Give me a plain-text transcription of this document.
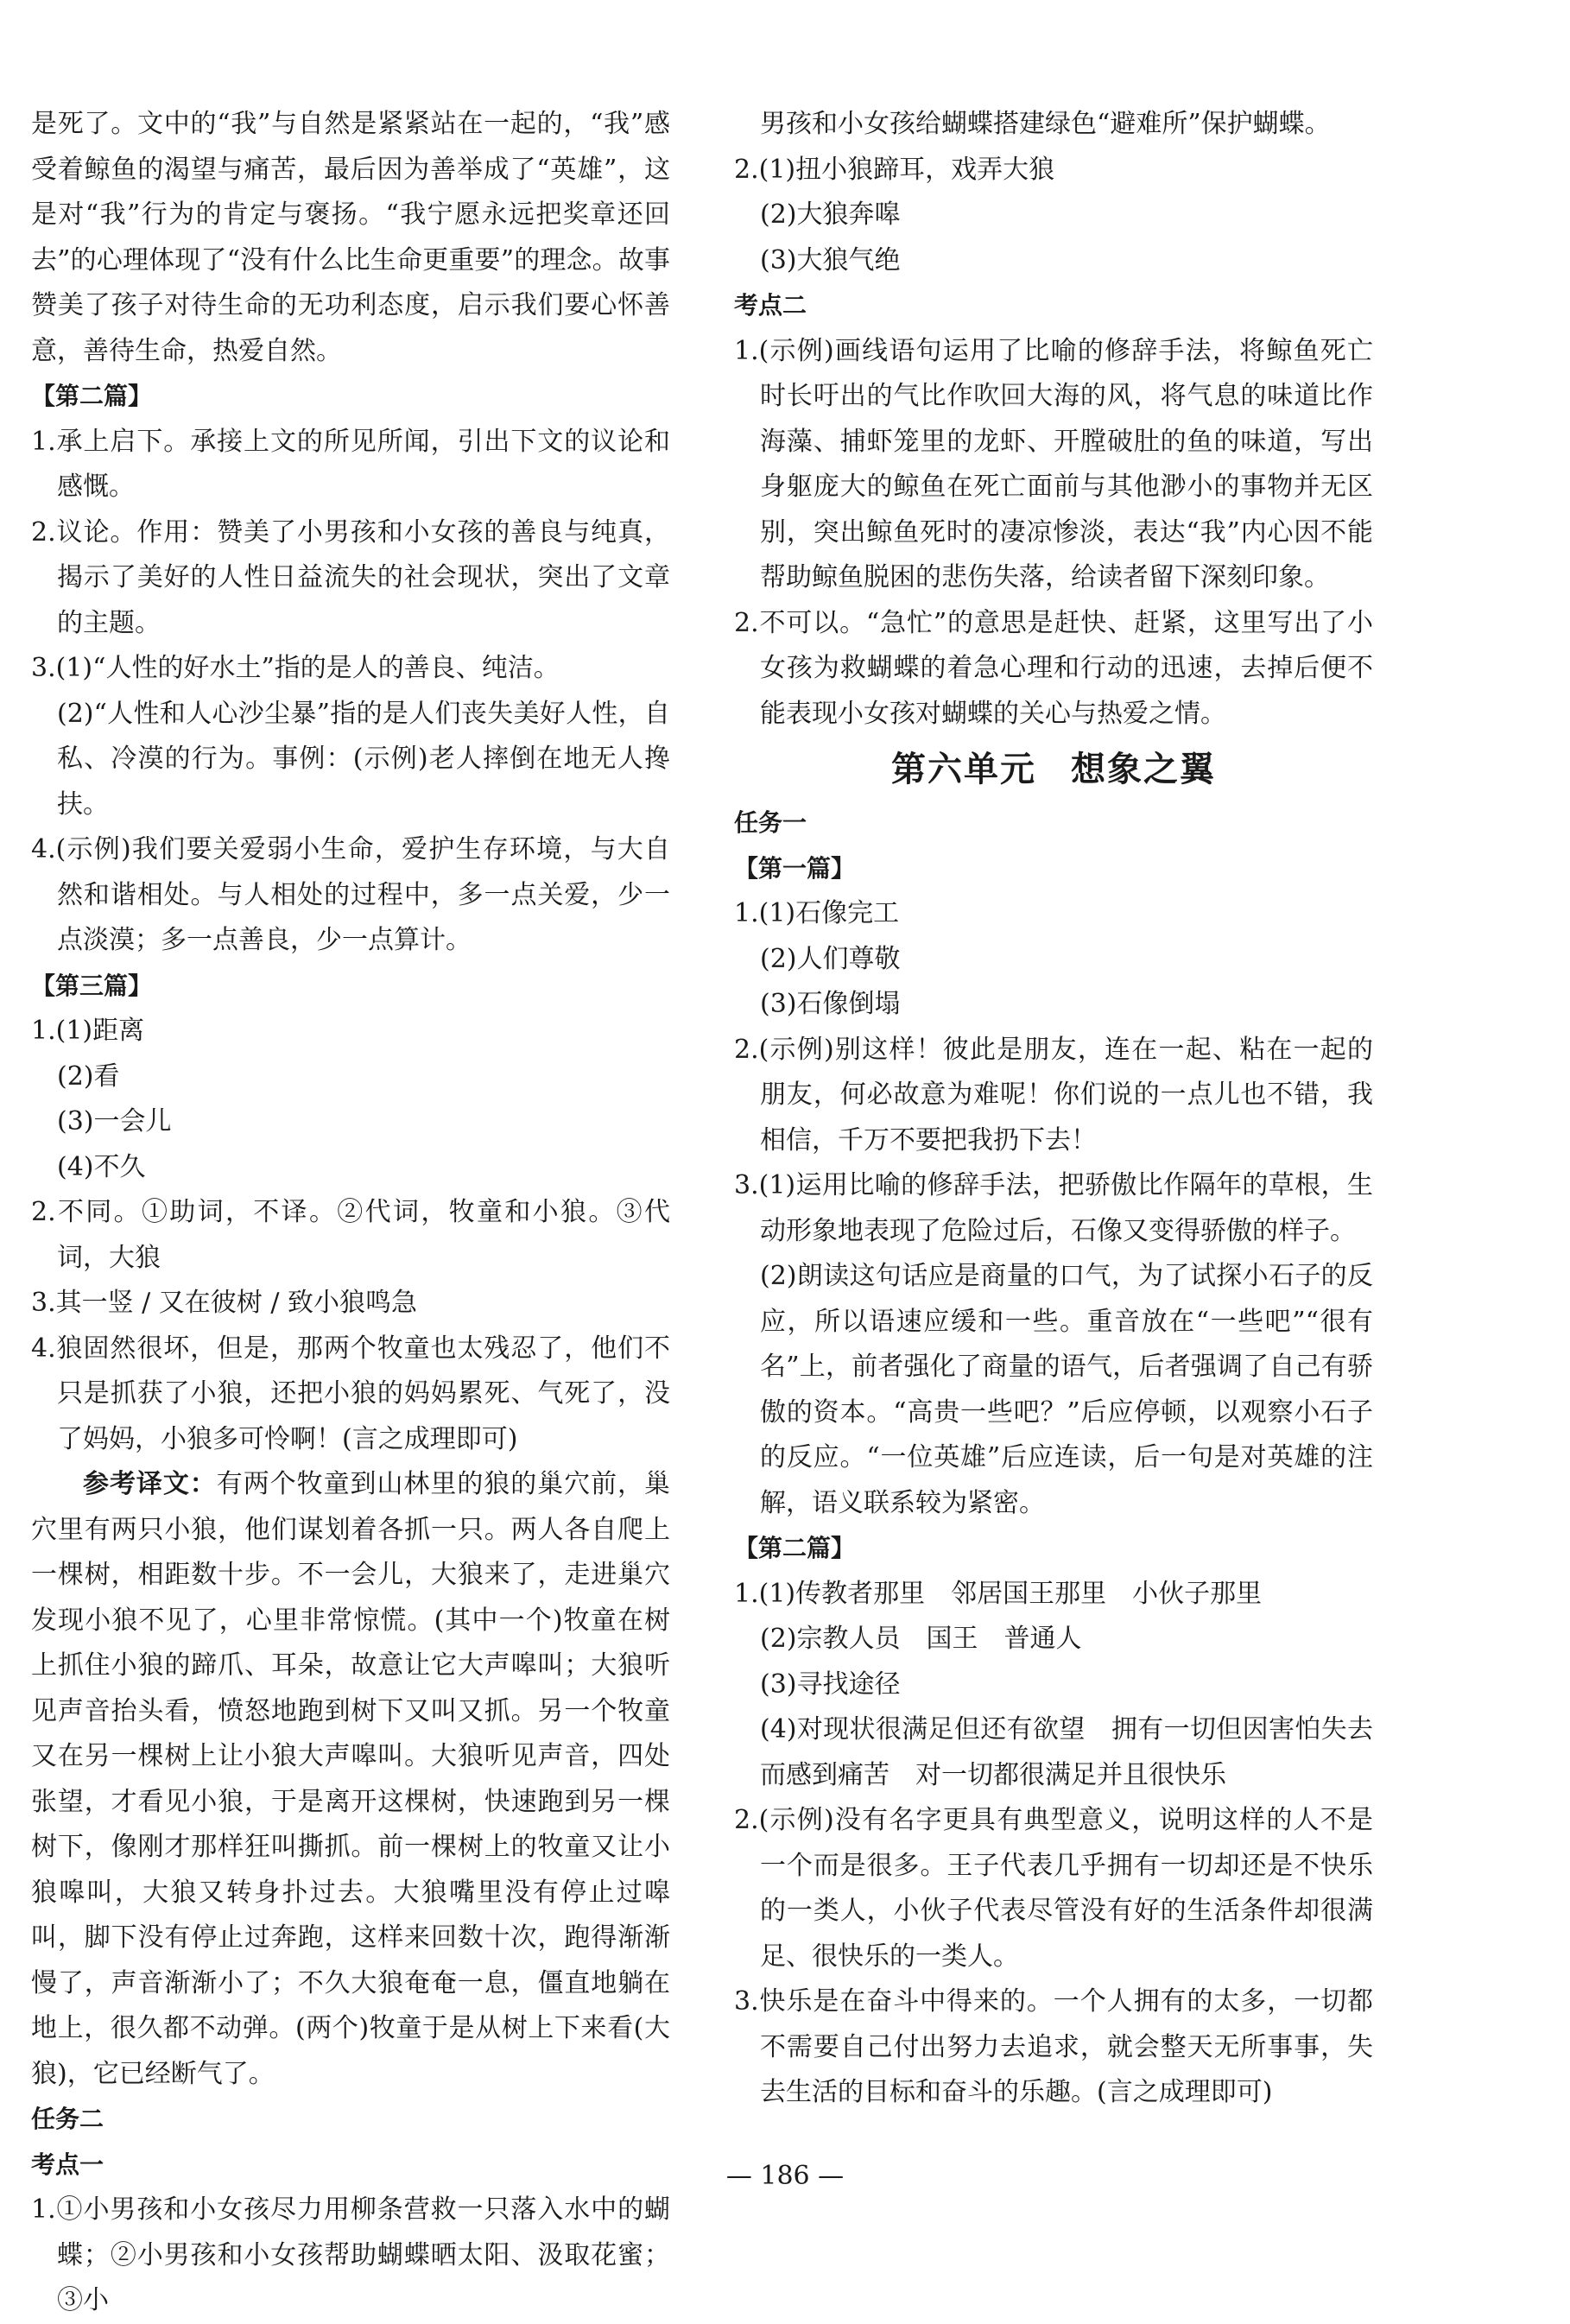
是死了。文中的“我”与自然是紧紧站在一起的，“我”感受着鲸鱼的渴望与痛苦，最后因为善举成了“英雄”，这是对“我”行为的肯定与褒扬。“我宁愿永远把奖章还回去”的心理体现了“没有什么比生命更重要”的理念。故事赞美了孩子对待生命的无功利态度，启示我们要心怀善意，善待生命，热爱自然。

【第二篇】

1.承上启下。承接上文的所见所闻，引出下文的议论和感慨。

2.议论。作用：赞美了小男孩和小女孩的善良与纯真，揭示了美好的人性日益流失的社会现状，突出了文章的主题。

3.(1)“人性的好水土”指的是人的善良、纯洁。

(2)“人性和人心沙尘暴”指的是人们丧失美好人性，自私、冷漠的行为。事例：(示例)老人摔倒在地无人搀扶。

4.(示例)我们要关爱弱小生命，爱护生存环境，与大自然和谐相处。与人相处的过程中，多一点关爱，少一点淡漠；多一点善良，少一点算计。

【第三篇】

1.(1)距离

(2)看

(3)一会儿

(4)不久

2.不同。①助词，不译。②代词，牧童和小狼。③代词，大狼

3.其一竖 / 又在彼树 / 致小狼鸣急

4.狼固然很坏，但是，那两个牧童也太残忍了，他们不只是抓获了小狼，还把小狼的妈妈累死、气死了，没了妈妈，小狼多可怜啊！(言之成理即可)

参考译文：有两个牧童到山林里的狼的巢穴前，巢穴里有两只小狼，他们谋划着各抓一只。两人各自爬上一棵树，相距数十步。不一会儿，大狼来了，走进巢穴发现小狼不见了，心里非常惊慌。(其中一个)牧童在树上抓住小狼的蹄爪、耳朵，故意让它大声嗥叫；大狼听见声音抬头看，愤怒地跑到树下又叫又抓。另一个牧童又在另一棵树上让小狼大声嗥叫。大狼听见声音，四处张望，才看见小狼，于是离开这棵树，快速跑到另一棵树下，像刚才那样狂叫撕抓。前一棵树上的牧童又让小狼嗥叫，大狼又转身扑过去。大狼嘴里没有停止过嗥叫，脚下没有停止过奔跑，这样来回数十次，跑得渐渐慢了，声音渐渐小了；不久大狼奄奄一息，僵直地躺在地上，很久都不动弹。(两个)牧童于是从树上下来看(大狼)，它已经断气了。

任务二

考点一

1.①小男孩和小女孩尽力用柳条营救一只落入水中的蝴蝶；②小男孩和小女孩帮助蝴蝶晒太阳、汲取花蜜；③小

男孩和小女孩给蝴蝶搭建绿色“避难所”保护蝴蝶。

2.(1)扭小狼蹄耳，戏弄大狼

(2)大狼奔嗥

(3)大狼气绝

考点二

1.(示例)画线语句运用了比喻的修辞手法，将鲸鱼死亡时长吁出的气比作吹回大海的风，将气息的味道比作海藻、捕虾笼里的龙虾、开膛破肚的鱼的味道，写出身躯庞大的鲸鱼在死亡面前与其他渺小的事物并无区别，突出鲸鱼死时的凄凉惨淡，表达“我”内心因不能帮助鲸鱼脱困的悲伤失落，给读者留下深刻印象。

2.不可以。“急忙”的意思是赶快、赶紧，这里写出了小女孩为救蝴蝶的着急心理和行动的迅速，去掉后便不能表现小女孩对蝴蝶的关心与热爱之情。

第六单元 想象之翼

任务一

【第一篇】

1.(1)石像完工

(2)人们尊敬

(3)石像倒塌

2.(示例)别这样！彼此是朋友，连在一起、粘在一起的朋友，何必故意为难呢！你们说的一点儿也不错，我相信，千万不要把我扔下去！

3.(1)运用比喻的修辞手法，把骄傲比作隔年的草根，生动形象地表现了危险过后，石像又变得骄傲的样子。

(2)朗读这句话应是商量的口气，为了试探小石子的反应，所以语速应缓和一些。重音放在“一些吧”“很有名”上，前者强化了商量的语气，后者强调了自己有骄傲的资本。“高贵一些吧？”后应停顿，以观察小石子的反应。“一位英雄”后应连读，后一句是对英雄的注解，语义联系较为紧密。

【第二篇】

1.(1)传教者那里　邻居国王那里　小伙子那里

(2)宗教人员　国王　普通人

(3)寻找途径

(4)对现状很满足但还有欲望　拥有一切但因害怕失去而感到痛苦　对一切都很满足并且很快乐

2.(示例)没有名字更具有典型意义，说明这样的人不是一个而是很多。王子代表几乎拥有一切却还是不快乐的一类人，小伙子代表尽管没有好的生活条件却很满足、很快乐的一类人。

3.快乐是在奋斗中得来的。一个人拥有的太多，一切都不需要自己付出努力去追求，就会整天无所事事，失去生活的目标和奋斗的乐趣。(言之成理即可)

— 186 —
